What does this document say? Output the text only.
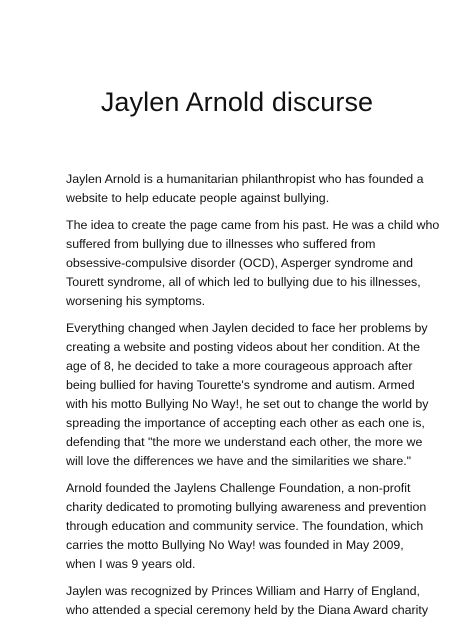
Jaylen Arnold discurse

Jaylen Arnold is a humanitarian philanthropist who has founded a
website to help educate people against bullying.

The idea to create the page came from his past. He was a child who
suffered from bullying due to illnesses who suffered from
obsessive-compulsive disorder (OCD), Asperger syndrome and
Tourett syndrome, all of which led to bullying due to his illnesses,
worsening his symptoms.

Everything changed when Jaylen decided to face her problems by
creating a website and posting videos about her condition. At the
age of 8, he decided to take a more courageous approach after
being bullied for having Tourette's syndrome and autism. Armed
with his motto Bullying No Way!, he set out to change the world by
spreading the importance of accepting each other as each one is,
defending that "the more we understand each other, the more we
will love the differences we have and the similarities we share."

Arnold founded the Jaylens Challenge Foundation, a non-profit
charity dedicated to promoting bullying awareness and prevention
through education and community service. The foundation, which
carries the motto Bullying No Way! was founded in May 2009,
when I was 9 years old.

Jaylen was recognized by Princes William and Harry of England,
who attended a special ceremony held by the Diana Award charity
